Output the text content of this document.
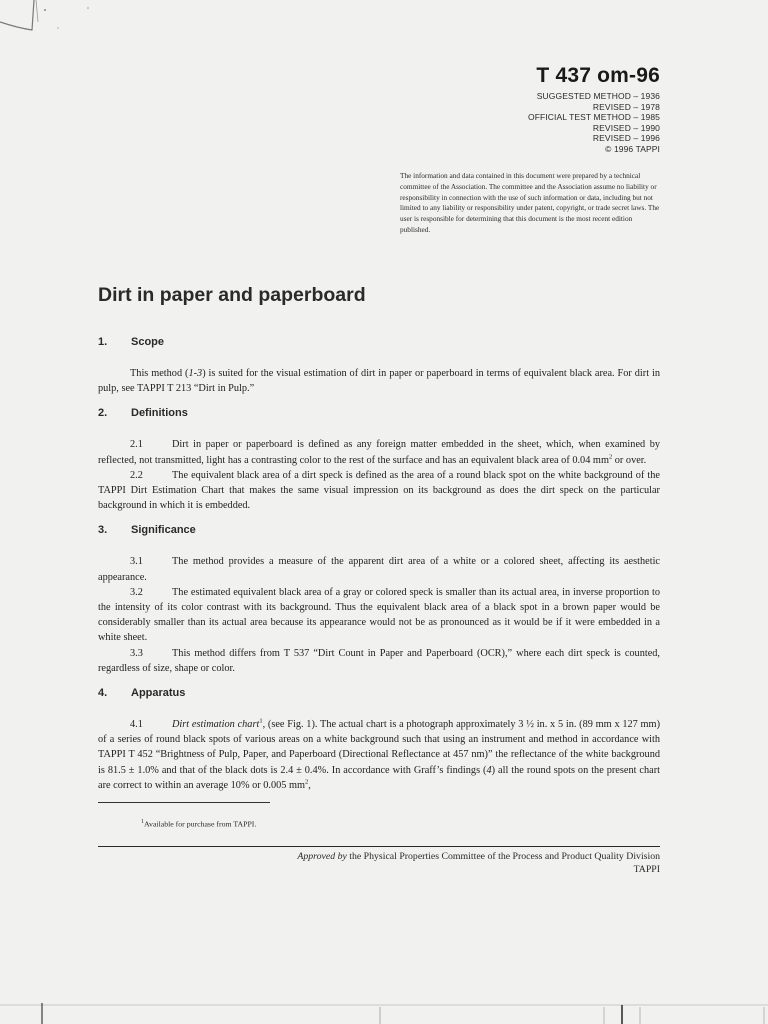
T 437 om-96
SUGGESTED METHOD – 1936
REVISED – 1978
OFFICIAL TEST METHOD – 1985
REVISED – 1990
REVISED – 1996
© 1996 TAPPI
The information and data contained in this document were prepared by a technical committee of the Association. The committee and the Association assume no liability or responsibility in connection with the use of such information or data, including but not limited to any liability or responsibility under patent, copyright, or trade secret laws. The user is responsible for determining that this document is the most recent edition published.
Dirt in paper and paperboard
1. Scope
This method (1-3) is suited for the visual estimation of dirt in paper or paperboard in terms of equivalent black area. For dirt in pulp, see TAPPI T 213 “Dirt in Pulp.”
2. Definitions
2.1	Dirt in paper or paperboard is defined as any foreign matter embedded in the sheet, which, when examined by reflected, not transmitted, light has a contrasting color to the rest of the surface and has an equivalent black area of 0.04 $mm^2$ or over.
2.2	The equivalent black area of a dirt speck is defined as the area of a round black spot on the white background of the TAPPI Dirt Estimation Chart that makes the same visual impression on its background as does the dirt speck on the particular background in which it is embedded.
3. Significance
3.1	The method provides a measure of the apparent dirt area of a white or a colored sheet, affecting its aesthetic appearance.
3.2	The estimated equivalent black area of a gray or colored speck is smaller than its actual area, in inverse proportion to the intensity of its color contrast with its background. Thus the equivalent black area of a black spot in a brown paper would be considerably smaller than its actual area because its appearance would not be as pronounced as it would be if it were embedded in a white sheet.
3.3	This method differs from T 537 “Dirt Count in Paper and Paperboard (OCR),” where each dirt speck is counted, regardless of size, shape or color.
4. Apparatus
4.1	Dirt estimation chart$^1$, (see Fig. 1). The actual chart is a photograph approximately 3 ½ in. x 5 in. (89 mm x 127 mm) of a series of round black spots of various areas on a white background such that using an instrument and method in accordance with TAPPI T 452 “Brightness of Pulp, Paper, and Paperboard (Directional Reflectance at 457 nm)” the reflectance of the white background is 81.5 ± 1.0% and that of the black dots is 2.4 ± 0.4%. In accordance with Graff’s findings (4) all the round spots on the present chart are correct to within an average 10% or 0.005 $mm^2$,
$^1$Available for purchase from TAPPI.
Approved by the Physical Properties Committee of the Process and Product Quality Division
TAPPI
